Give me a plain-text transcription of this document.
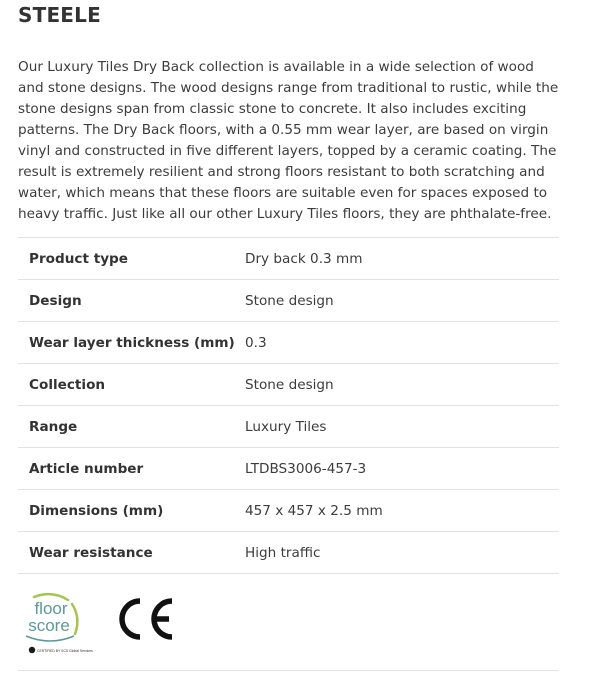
STEELE

Our Luxury Tiles Dry Back collection is available in a wide selection of wood and stone designs. The wood designs range from traditional to rustic, while the stone designs span from classic stone to concrete. It also includes exciting patterns. The Dry Back floors, with a 0.55 mm wear layer, are based on virgin vinyl and constructed in five different layers, topped by a ceramic coating. The result is extremely resilient and strong floors resistant to both scratching and water, which means that these floors are suitable even for spaces exposed to heavy traffic. Just like all our other Luxury Tiles floors, they are phthalate-free.

Product type	Dry back 0.3 mm
Design	Stone design
Wear layer thickness (mm)	0.3
Collection	Stone design
Range	Luxury Tiles
Article number	LTDBS3006-457-3
Dimensions (mm)	457 x 457 x 2.5 mm
Wear resistance	High traffic
floor
score
CERTIFIED BY SCS Global Services
CE
